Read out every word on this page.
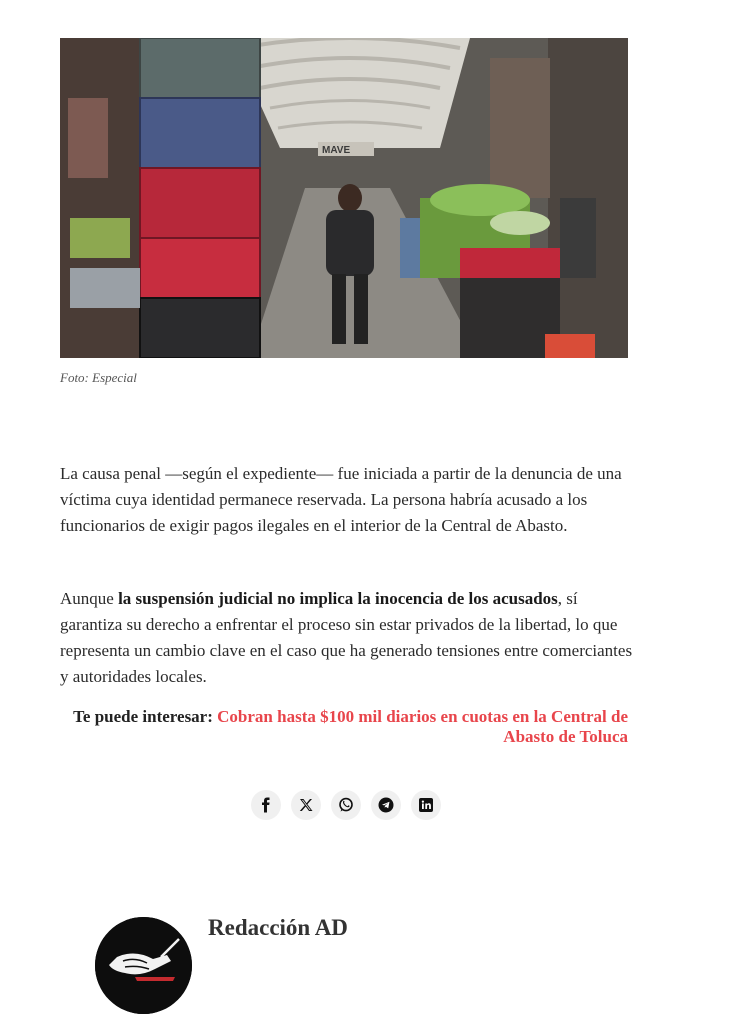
MAVE
Foto: Especial

La causa penal —según el expediente— fue iniciada a partir de la denuncia de una víctima cuya identidad permanece reservada. La persona habría acusado a los funcionarios de exigir pagos ilegales en el interior de la Central de Abasto.

Aunque la suspensión judicial no implica la inocencia de los acusados, sí garantiza su derecho a enfrentar el proceso sin estar privados de la libertad, lo que representa un cambio clave en el caso que ha generado tensiones entre comerciantes y autoridades locales.

Te puede interesar: Cobran hasta $100 mil diarios en cuotas en la Central de Abasto de Toluca
Redacción AD
